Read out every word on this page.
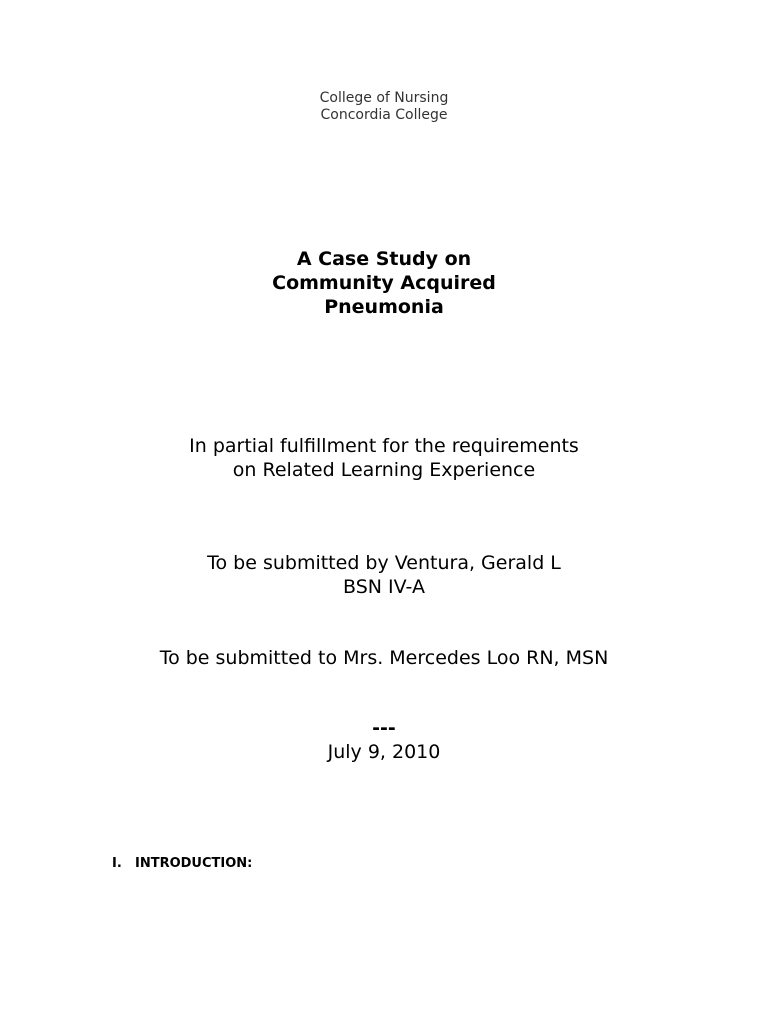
College of Nursing
Concordia College
A Case Study on
Community Acquired
Pneumonia
In partial fulfillment for the requirements
on Related Learning Experience
To be submitted by Ventura, Gerald L
BSN IV-A
To be submitted to Mrs. Mercedes Loo RN, MSN
---
July 9, 2010
I. INTRODUCTION:
